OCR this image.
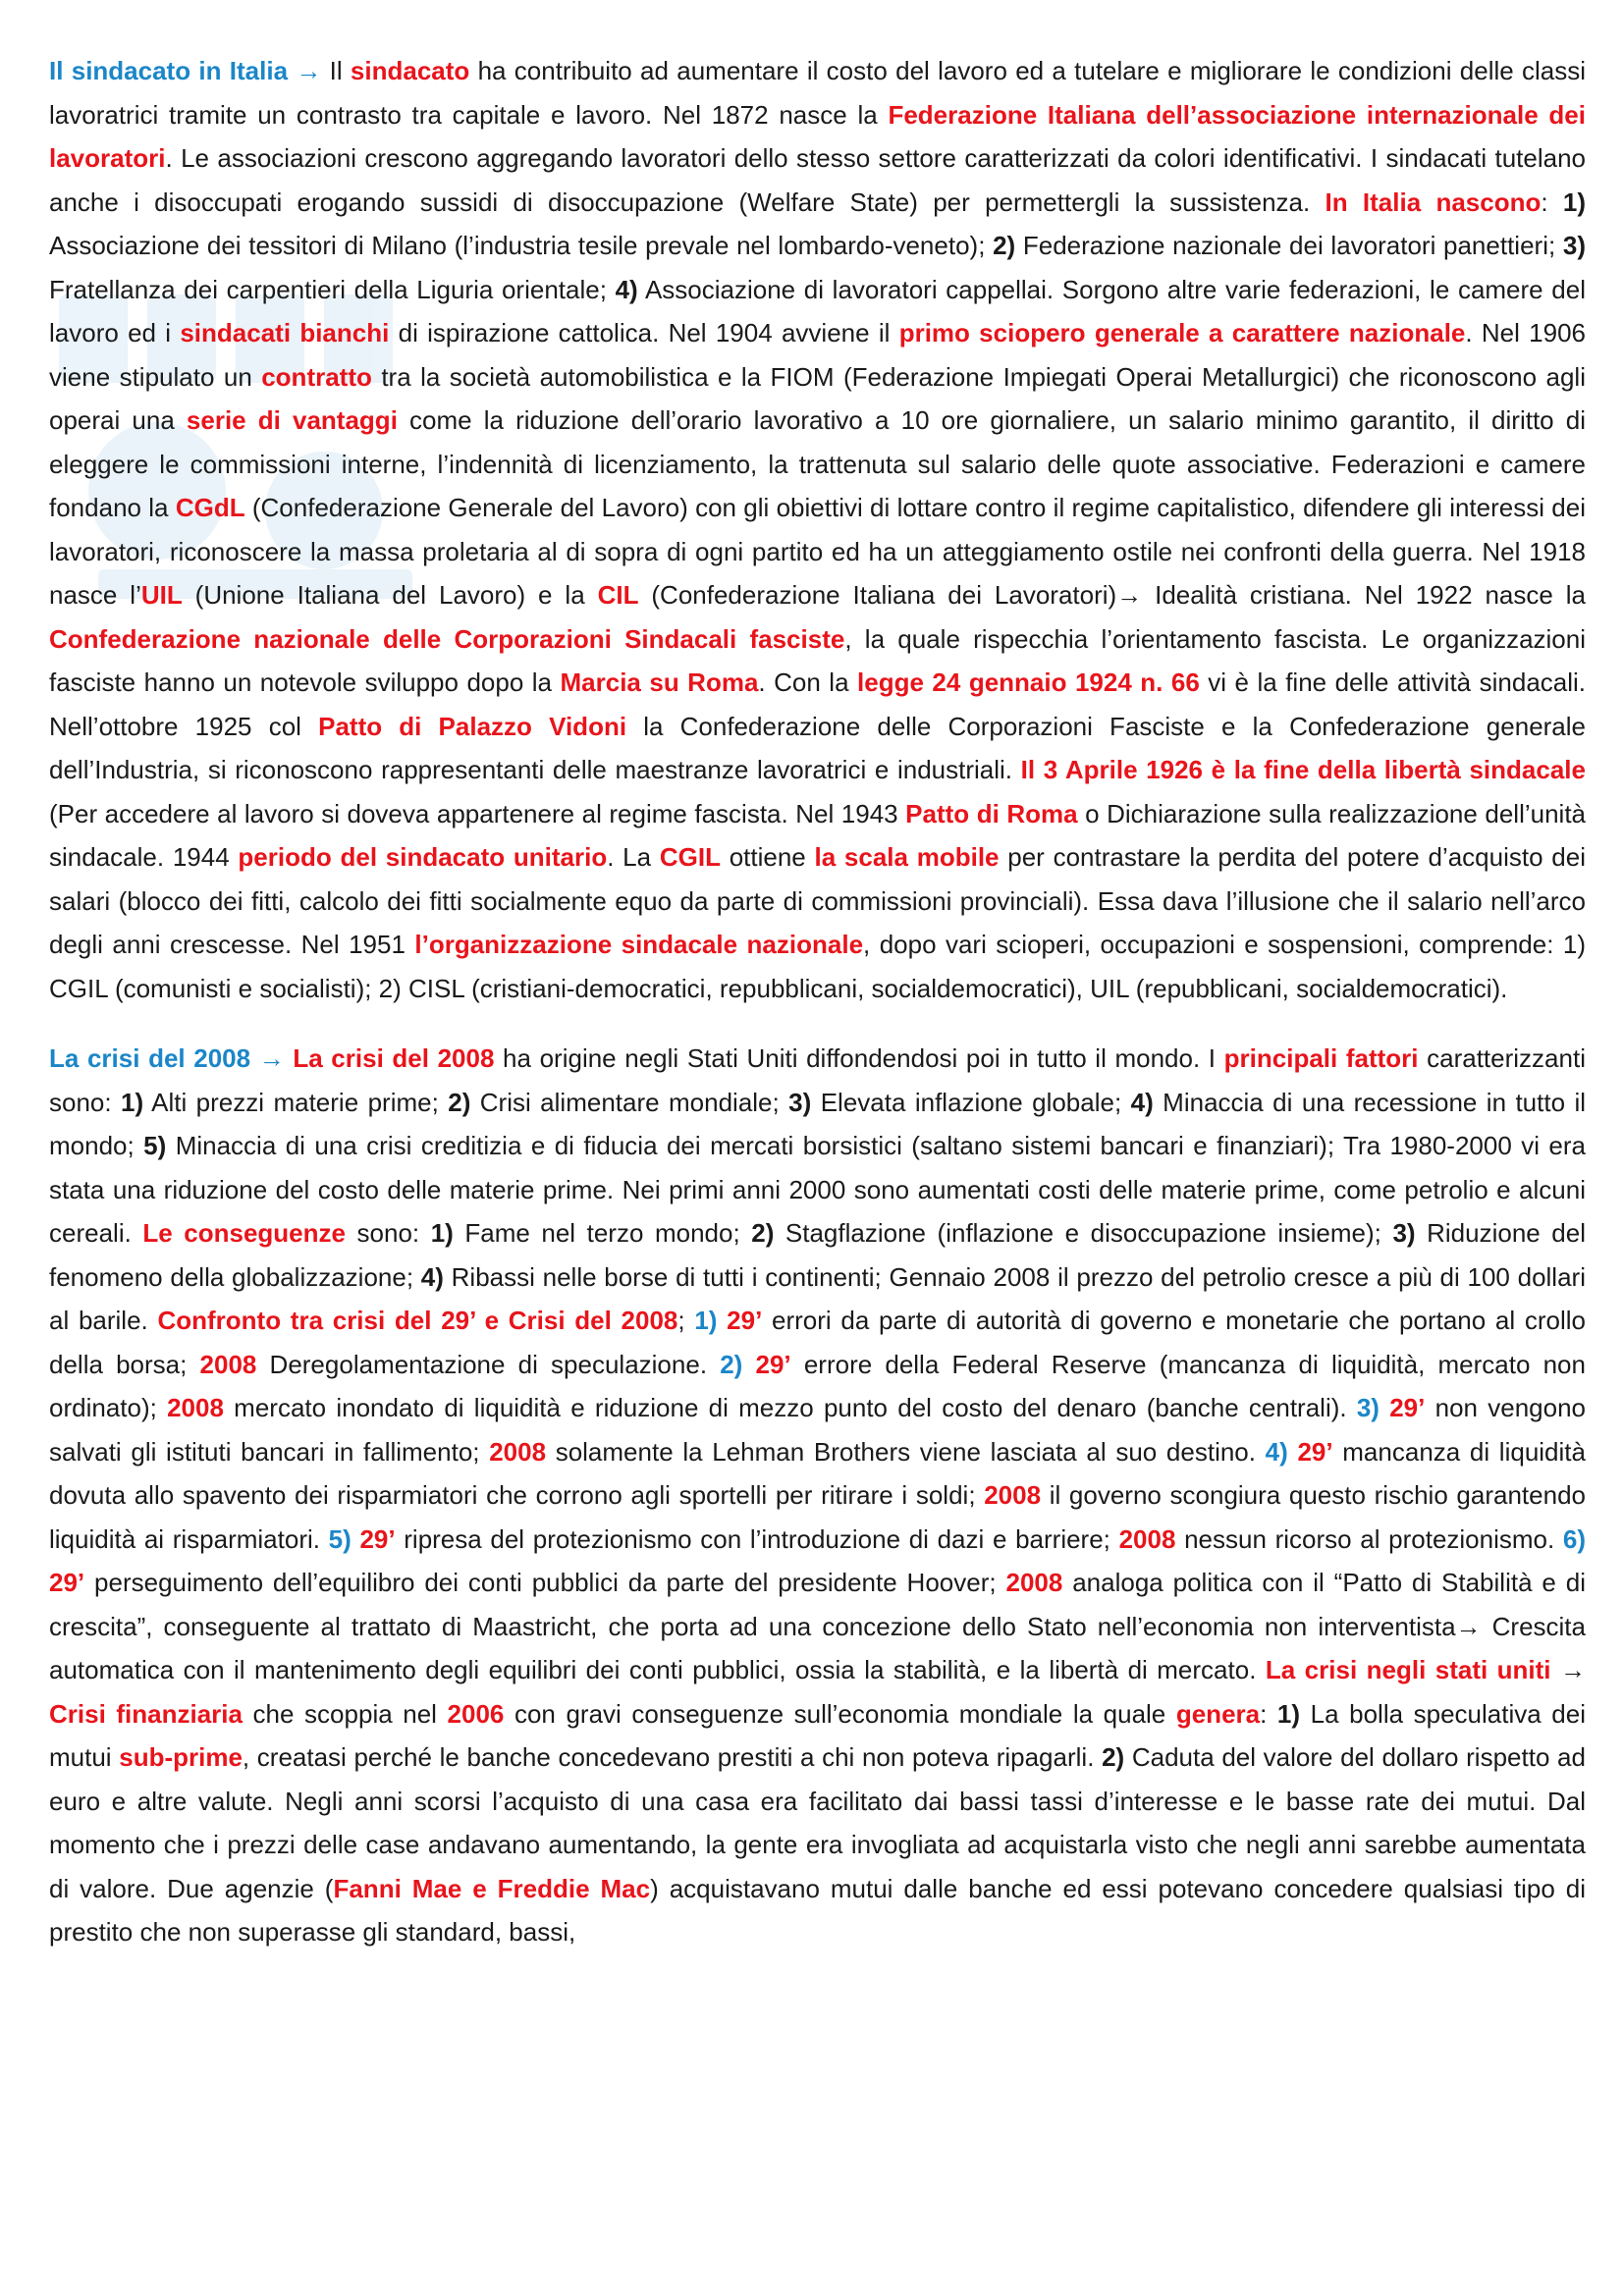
Il sindacato in Italia → Il sindacato ha contribuito ad aumentare il costo del lavoro ed a tutelare e migliorare le condizioni delle classi lavoratrici tramite un contrasto tra capitale e lavoro. Nel 1872 nasce la Federazione Italiana dell’associazione internazionale dei lavoratori. Le associazioni crescono aggregando lavoratori dello stesso settore caratterizzati da colori identificativi. I sindacati tutelano anche i disoccupati erogando sussidi di disoccupazione (Welfare State) per permettergli la sussistenza. In Italia nascono: 1) Associazione dei tessitori di Milano (l’industria tesile prevale nel lombardo-veneto); 2) Federazione nazionale dei lavoratori panettieri; 3) Fratellanza dei carpentieri della Liguria orientale; 4) Associazione di lavoratori cappellai. Sorgono altre varie federazioni, le camere del lavoro ed i sindacati bianchi di ispirazione cattolica. Nel 1904 avviene il primo sciopero generale a carattere nazionale. Nel 1906 viene stipulato un contratto tra la società automobilistica e la FIOM (Federazione Impiegati Operai Metallurgici) che riconoscono agli operai una serie di vantaggi come la riduzione dell’orario lavorativo a 10 ore giornaliere, un salario minimo garantito, il diritto di eleggere le commissioni interne, l’indennità di licenziamento, la trattenuta sul salario delle quote associative. Federazioni e camere fondano la CGdL (Confederazione Generale del Lavoro) con gli obiettivi di lottare contro il regime capitalistico, difendere gli interessi dei lavoratori, riconoscere la massa proletaria al di sopra di ogni partito ed ha un atteggiamento ostile nei confronti della guerra. Nel 1918 nasce l’UIL (Unione Italiana del Lavoro) e la CIL (Confederazione Italiana dei Lavoratori)→ Idealità cristiana. Nel 1922 nasce la Confederazione nazionale delle Corporazioni Sindacali fasciste, la quale rispecchia l’orientamento fascista. Le organizzazioni fasciste hanno un notevole sviluppo dopo la Marcia su Roma. Con la legge 24 gennaio 1924 n. 66 vi è la fine delle attività sindacali. Nell’ottobre 1925 col Patto di Palazzo Vidoni la Confederazione delle Corporazioni Fasciste e la Confederazione generale dell’Industria, si riconoscono rappresentanti delle maestranze lavoratrici e industriali. Il 3 Aprile 1926 è la fine della libertà sindacale (Per accedere al lavoro si doveva appartenere al regime fascista. Nel 1943 Patto di Roma o Dichiarazione sulla realizzazione dell’unità sindacale. 1944 periodo del sindacato unitario. La CGIL ottiene la scala mobile per contrastare la perdita del potere d’acquisto dei salari (blocco dei fitti, calcolo dei fitti socialmente equo da parte di commissioni provinciali). Essa dava l’illusione che il salario nell’arco degli anni crescesse. Nel 1951 l’organizzazione sindacale nazionale, dopo vari scioperi, occupazioni e sospensioni, comprende: 1) CGIL (comunisti e socialisti); 2) CISL (cristiani-democratici, repubblicani, socialdemocratici), UIL (repubblicani, socialdemocratici).

La crisi del 2008 → La crisi del 2008 ha origine negli Stati Uniti diffondendosi poi in tutto il mondo. I principali fattori caratterizzanti sono: 1) Alti prezzi materie prime; 2) Crisi alimentare mondiale; 3) Elevata inflazione globale; 4) Minaccia di una recessione in tutto il mondo; 5) Minaccia di una crisi creditizia e di fiducia dei mercati borsistici (saltano sistemi bancari e finanziari); Tra 1980-2000 vi era stata una riduzione del costo delle materie prime. Nei primi anni 2000 sono aumentati costi delle materie prime, come petrolio e alcuni cereali. Le conseguenze sono: 1) Fame nel terzo mondo; 2) Stagflazione (inflazione e disoccupazione insieme); 3) Riduzione del fenomeno della globalizzazione; 4) Ribassi nelle borse di tutti i continenti; Gennaio 2008 il prezzo del petrolio cresce a più di 100 dollari al barile. Confronto tra crisi del 29’ e Crisi del 2008; 1) 29’ errori da parte di autorità di governo e monetarie che portano al crollo della borsa; 2008 Deregolamentazione di speculazione. 2) 29’ errore della Federal Reserve (mancanza di liquidità, mercato non ordinato); 2008 mercato inondato di liquidità e riduzione di mezzo punto del costo del denaro (banche centrali). 3) 29’ non vengono salvati gli istituti bancari in fallimento; 2008 solamente la Lehman Brothers viene lasciata al suo destino. 4) 29’ mancanza di liquidità dovuta allo spavento dei risparmiatori che corrono agli sportelli per ritirare i soldi; 2008 il governo scongiura questo rischio garantendo liquidità ai risparmiatori. 5) 29’ ripresa del protezionismo con l’introduzione di dazi e barriere; 2008 nessun ricorso al protezionismo. 6) 29’ perseguimento dell’equilibro dei conti pubblici da parte del presidente Hoover; 2008 analoga politica con il “Patto di Stabilità e di crescita”, conseguente al trattato di Maastricht, che porta ad una concezione dello Stato nell’economia non interventista→ Crescita automatica con il mantenimento degli equilibri dei conti pubblici, ossia la stabilità, e la libertà di mercato. La crisi negli stati uniti → Crisi finanziaria che scoppia nel 2006 con gravi conseguenze sull’economia mondiale la quale genera: 1) La bolla speculativa dei mutui sub-prime, creatasi perché le banche concedevano prestiti a chi non poteva ripagarli. 2) Caduta del valore del dollaro rispetto ad euro e altre valute. Negli anni scorsi l’acquisto di una casa era facilitato dai bassi tassi d’interesse e le basse rate dei mutui. Dal momento che i prezzi delle case andavano aumentando, la gente era invogliata ad acquistarla visto che negli anni sarebbe aumentata di valore. Due agenzie (Fanni Mae e Freddie Mac) acquistavano mutui dalle banche ed essi potevano concedere qualsiasi tipo di prestito che non superasse gli standard, bassi,
